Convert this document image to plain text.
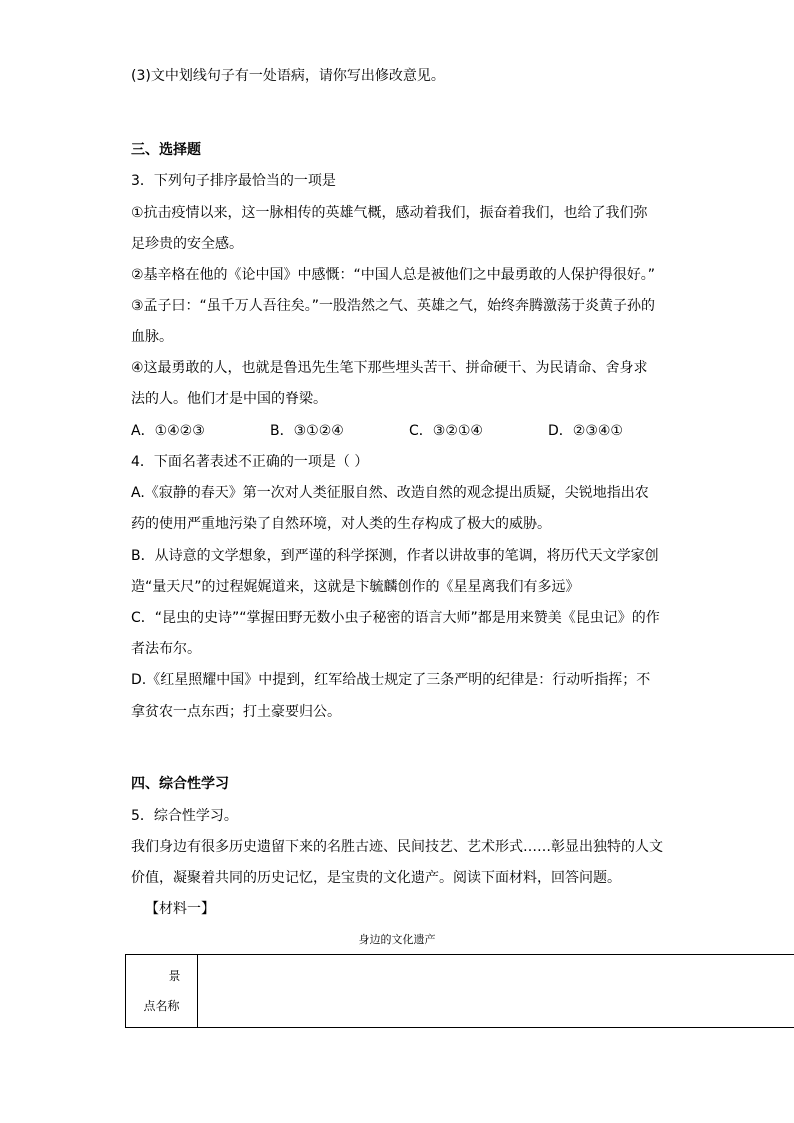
(3)文中划线句子有一处语病，请你写出修改意见。
三、选择题
3．下列句子排序最恰当的一项是
①抗击疫情以来，这一脉相传的英雄气概，感动着我们，振奋着我们，也给了我们弥
足珍贵的安全感。
②基辛格在他的《论中国》中感慨：“中国人总是被他们之中最勇敢的人保护得很好。”
③孟子曰：“虽千万人吾往矣。”一股浩然之气、英雄之气，始终奔腾激荡于炎黄子孙的
血脉。
④这最勇敢的人，也就是鲁迅先生笔下那些埋头苦干、拼命硬干、为民请命、舍身求
法的人。他们才是中国的脊梁。
A．①④②③	B．③①②④	C．③②①④	D．②③④①
4．下面名著表述不正确的一项是（ ）
A.《寂静的春天》第一次对人类征服自然、改造自然的观念提出质疑，尖锐地指出农
药的使用严重地污染了自然环境，对人类的生存构成了极大的威胁。
B．从诗意的文学想象，到严谨的科学探测，作者以讲故事的笔调，将历代天文学家创
造“量天尺”的过程娓娓道来，这就是卞毓麟创作的《星星离我们有多远》
C．“昆虫的史诗”“掌握田野无数小虫子秘密的语言大师”都是用来赞美《昆虫记》的作
者法布尔。
D.《红星照耀中国》中提到，红军给战士规定了三条严明的纪律是：行动听指挥；不
拿贫农一点东西；打土豪要归公。
四、综合性学习
5．综合性学习。
我们身边有很多历史遗留下来的名胜古迹、民间技艺、艺术形式……彰显出独特的人文
价值，凝聚着共同的历史记忆，是宝贵的文化遗产。阅读下面材料，回答问题。
【材料一】
身边的文化遗产
景
点名称
